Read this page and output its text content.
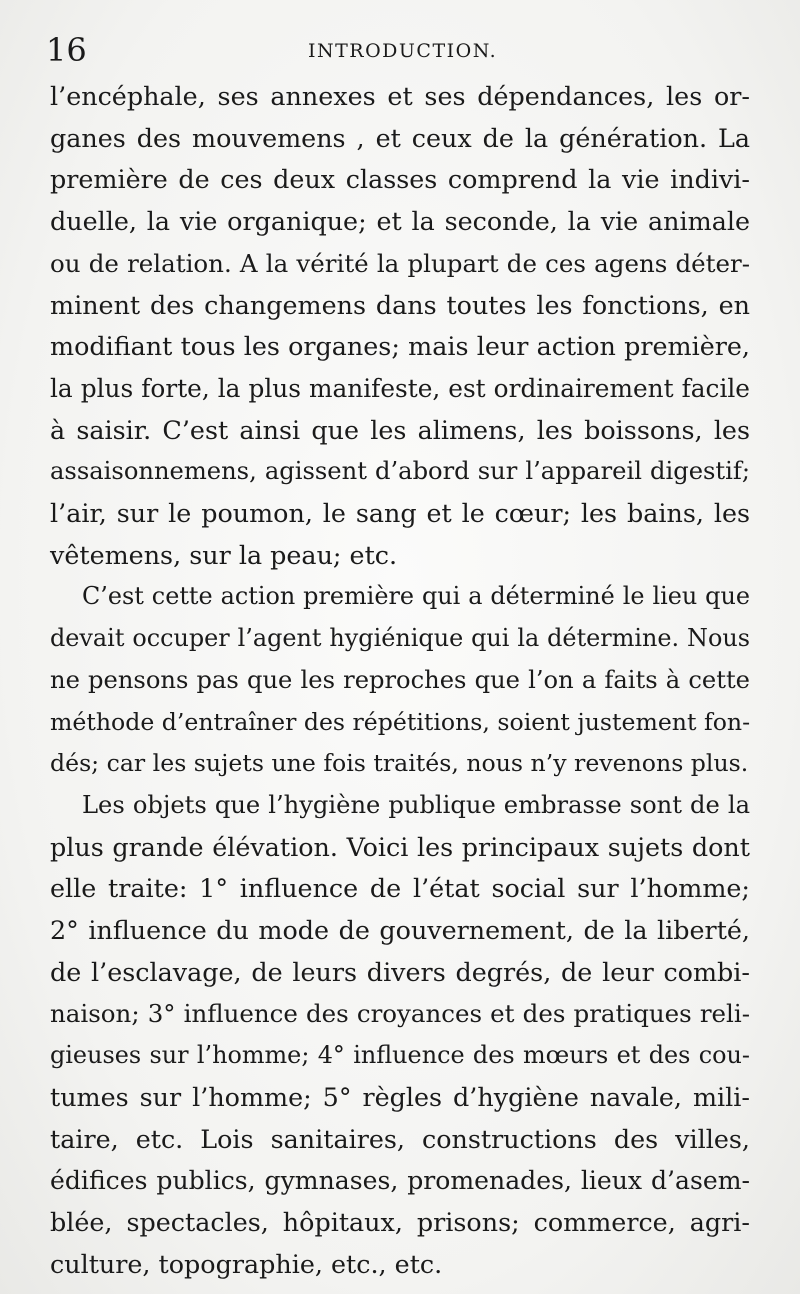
16	INTRODUCTION.
l’encéphale, ses annexes et ses dépendances, les or-
ganes des mouvemens , et ceux de la génération. La
première de ces deux classes comprend la vie indivi-
duelle, la vie organique; et la seconde, la vie animale
ou de relation. A la vérité la plupart de ces agens déter-
minent des changemens dans toutes les fonctions, en
modifiant tous les organes; mais leur action première,
la plus forte, la plus manifeste, est ordinairement facile
à saisir. C’est ainsi que les alimens, les boissons, les
assaisonnemens, agissent d’abord sur l’appareil digestif;
l’air, sur le poumon, le sang et le cœur; les bains, les
vêtemens, sur la peau; etc.
C’est cette action première qui a déterminé le lieu que
devait occuper l’agent hygiénique qui la détermine. Nous
ne pensons pas que les reproches que l’on a faits à cette
méthode d’entraîner des répétitions, soient justement fon-
dés; car les sujets une fois traités, nous n’y revenons plus.
Les objets que l’hygiène publique embrasse sont de la
plus grande élévation. Voici les principaux sujets dont
elle traite: 1° influence de l’état social sur l’homme;
2° influence du mode de gouvernement, de la liberté,
de l’esclavage, de leurs divers degrés, de leur combi-
naison; 3° influence des croyances et des pratiques reli-
gieuses sur l’homme; 4° influence des mœurs et des cou-
tumes sur l’homme; 5° règles d’hygiène navale, mili-
taire, etc. Lois sanitaires, constructions des villes,
édifices publics, gymnases, promenades, lieux d’asem-
blée, spectacles, hôpitaux, prisons; commerce, agri-
culture, topographie, etc., etc.
